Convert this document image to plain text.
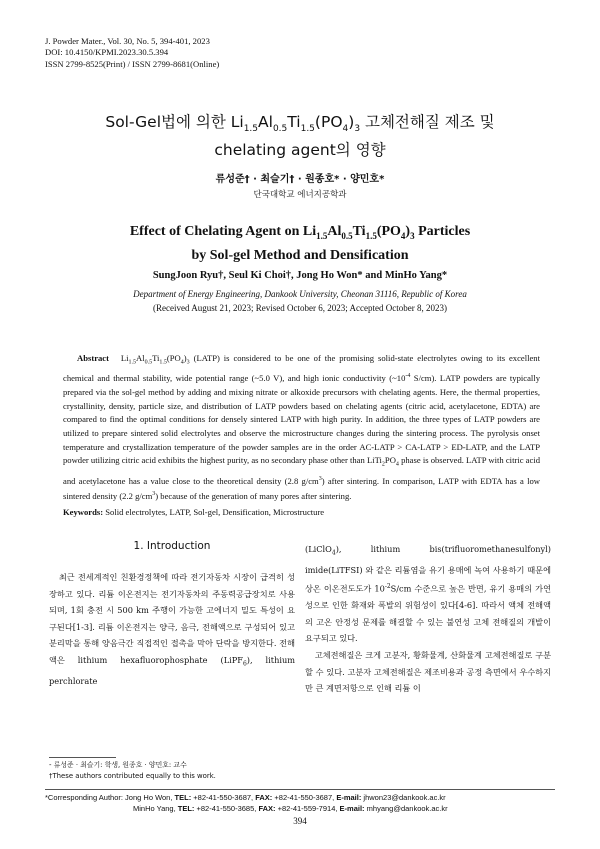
J. Powder Mater., Vol. 30, No. 5, 394-401, 2023
DOI: 10.4150/KPMI.2023.30.5.394
ISSN 2799-8525(Print) / ISSN 2799-8681(Online)
Sol-Gel법에 의한 $Li_{1.5}Al_{0.5}Ti_{1.5}(PO_4)_3$ 고체전해질 제조 및
chelating agent의 영향
류성준† · 최슬기† · 원종호* · 양민호*
단국대학교 에너지공학과
Effect of Chelating Agent on $Li_{1.5}Al_{0.5}Ti_{1.5}(PO_4)_3$ Particles
by Sol-gel Method and Densification
SungJoon Ryu†, Seul Ki Choi†, Jong Ho Won* and MinHo Yang*
Department of Energy Engineering, Dankook University, Cheonan 31116, Republic of Korea
(Received August 21, 2023; Revised October 6, 2023; Accepted October 8, 2023)
Abstract $Li_{1.5}Al_{0.5}Ti_{1.5}(PO_4)_3$ (LATP) is considered to be one of the promising solid-state electrolytes owing to its excellent chemical and thermal stability, wide potential range (~5.0 V), and high ionic conductivity ($\sim 10^{-4}$ S/cm). LATP powders are typically prepared via the sol-gel method by adding and mixing nitrate or alkoxide precursors with chelating agents. Here, the thermal properties, crystallinity, density, particle size, and distribution of LATP powders based on chelating agents (citric acid, acetylacetone, EDTA) are compared to find the optimal conditions for densely sintered LATP with high purity. In addition, the three types of LATP powders are utilized to prepare sintered solid electrolytes and observe the microstructure changes during the sintering process. The pyrolysis onset temperature and crystallization temperature of the powder samples are in the order AC-LATP > CA-LATP > ED-LATP, and the LATP powder utilizing citric acid exhibits the highest purity, as no secondary phase other than $LiTi_2PO_4$ phase is observed. LATP with citric acid and acetylacetone has a value close to the theoretical density (2.8 $g/cm^3$) after sintering. In comparison, LATP with EDTA has a low sintered density (2.2 $g/cm^3$) because of the generation of many pores after sintering.
Keywords: Solid electrolytes, LATP, Sol-gel, Densification, Microstructure
1. Introduction

최근 전세계적인 친환경정책에 따라 전기자동차 시장이 급격히 성장하고 있다. 리튬 이온전지는 전기자동차의 주동력공급장치로 사용되며, 1회 충전 시 500 km 주행이 가능한 고에너지 밀도 특성이 요구된다[1-3]. 리튬 이온전지는 양극, 음극, 전해액으로 구성되어 있고 분리막을 통해 양음극간 직접적인 접촉을 막아 단락을 방지한다. 전해액은 lithium hexafluorophosphate (LiPF$_6$), lithium perchlorate

(LiClO$_4$), lithium bis(trifluoromethanesulfonyl) imide(LiTFSI) 와 같은 리튬염을 유기 용매에 녹여 사용하기 때문에 상온 이온전도도가 $10^{-2}S/cm$ 수준으로 높은 반면, 유기 용매의 가연성으로 인한 화재와 폭발의 위험성이 있다[4-6]. 따라서 액체 전해액의 고온 안정성 문제를 해결할 수 있는 불연성 고체 전해질의 개발이 요구되고 있다.

고체전해질은 크게 고분자, 황화물계, 산화물계 고체전해질로 구분할 수 있다. 고분자 고체전해질은 제조비용과 공정 측면에서 우수하지만 큰 계면저항으로 인해 리튬 이

- 류성준 · 최슬기: 학생, 원종호 · 양민호: 교수
†These authors contributed equally to this work.
*Corresponding Author: Jong Ho Won, TEL: +82-41-550-3687, FAX: +82-41-550-3687, E-mail: jhwon23@dankook.ac.kr
MinHo Yang, TEL: +82-41-550-3685, FAX: +82-41-559-7914, E-mail: mhyang@dankook.ac.kr
394
